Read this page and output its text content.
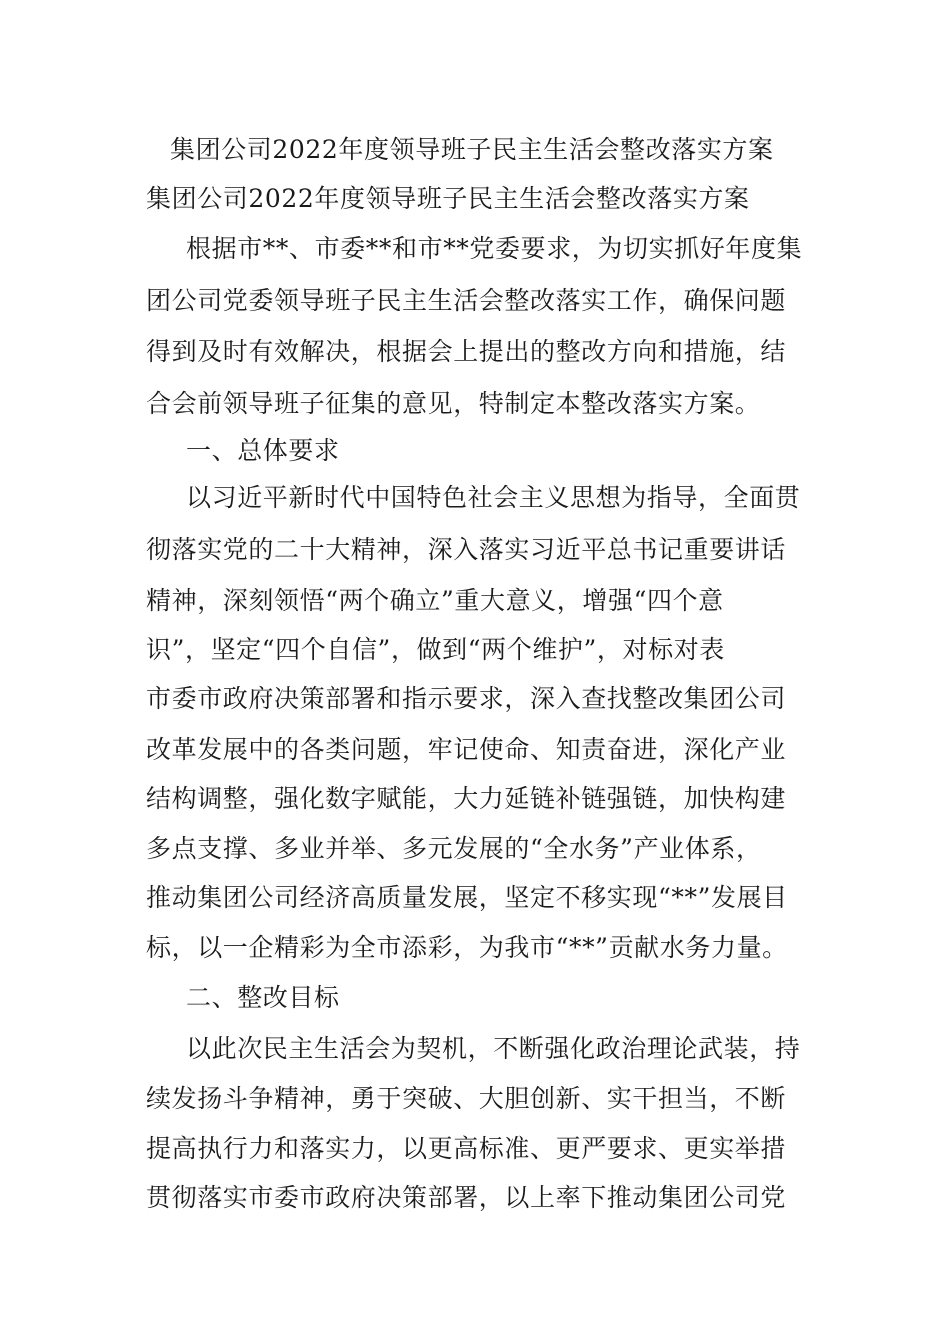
集团公司2022年度领导班子民主生活会整改落实方案
集团公司2022年度领导班子民主生活会整改落实方案
根据市**、市委**和市**党委要求，为切实抓好年度集
团公司党委领导班子民主生活会整改落实工作，确保问题
得到及时有效解决，根据会上提出的整改方向和措施，结
合会前领导班子征集的意见，特制定本整改落实方案。
一、总体要求
以习近平新时代中国特色社会主义思想为指导，全面贯
彻落实党的二十大精神，深入落实习近平总书记重要讲话
精神，深刻领悟“两个确立”重大意义，增强“四个意
识”，坚定“四个自信”，做到“两个维护”，对标对表
市委市政府决策部署和指示要求，深入查找整改集团公司
改革发展中的各类问题，牢记使命、知责奋进，深化产业
结构调整，强化数字赋能，大力延链补链强链，加快构建
多点支撑、多业并举、多元发展的“全水务”产业体系，
推动集团公司经济高质量发展，坚定不移实现“**”发展目
标，以一企精彩为全市添彩，为我市“**”贡献水务力量。
二、整改目标
以此次民主生活会为契机，不断强化政治理论武装，持
续发扬斗争精神，勇于突破、大胆创新、实干担当，不断
提高执行力和落实力，以更高标准、更严要求、更实举措
贯彻落实市委市政府决策部署，以上率下推动集团公司党
